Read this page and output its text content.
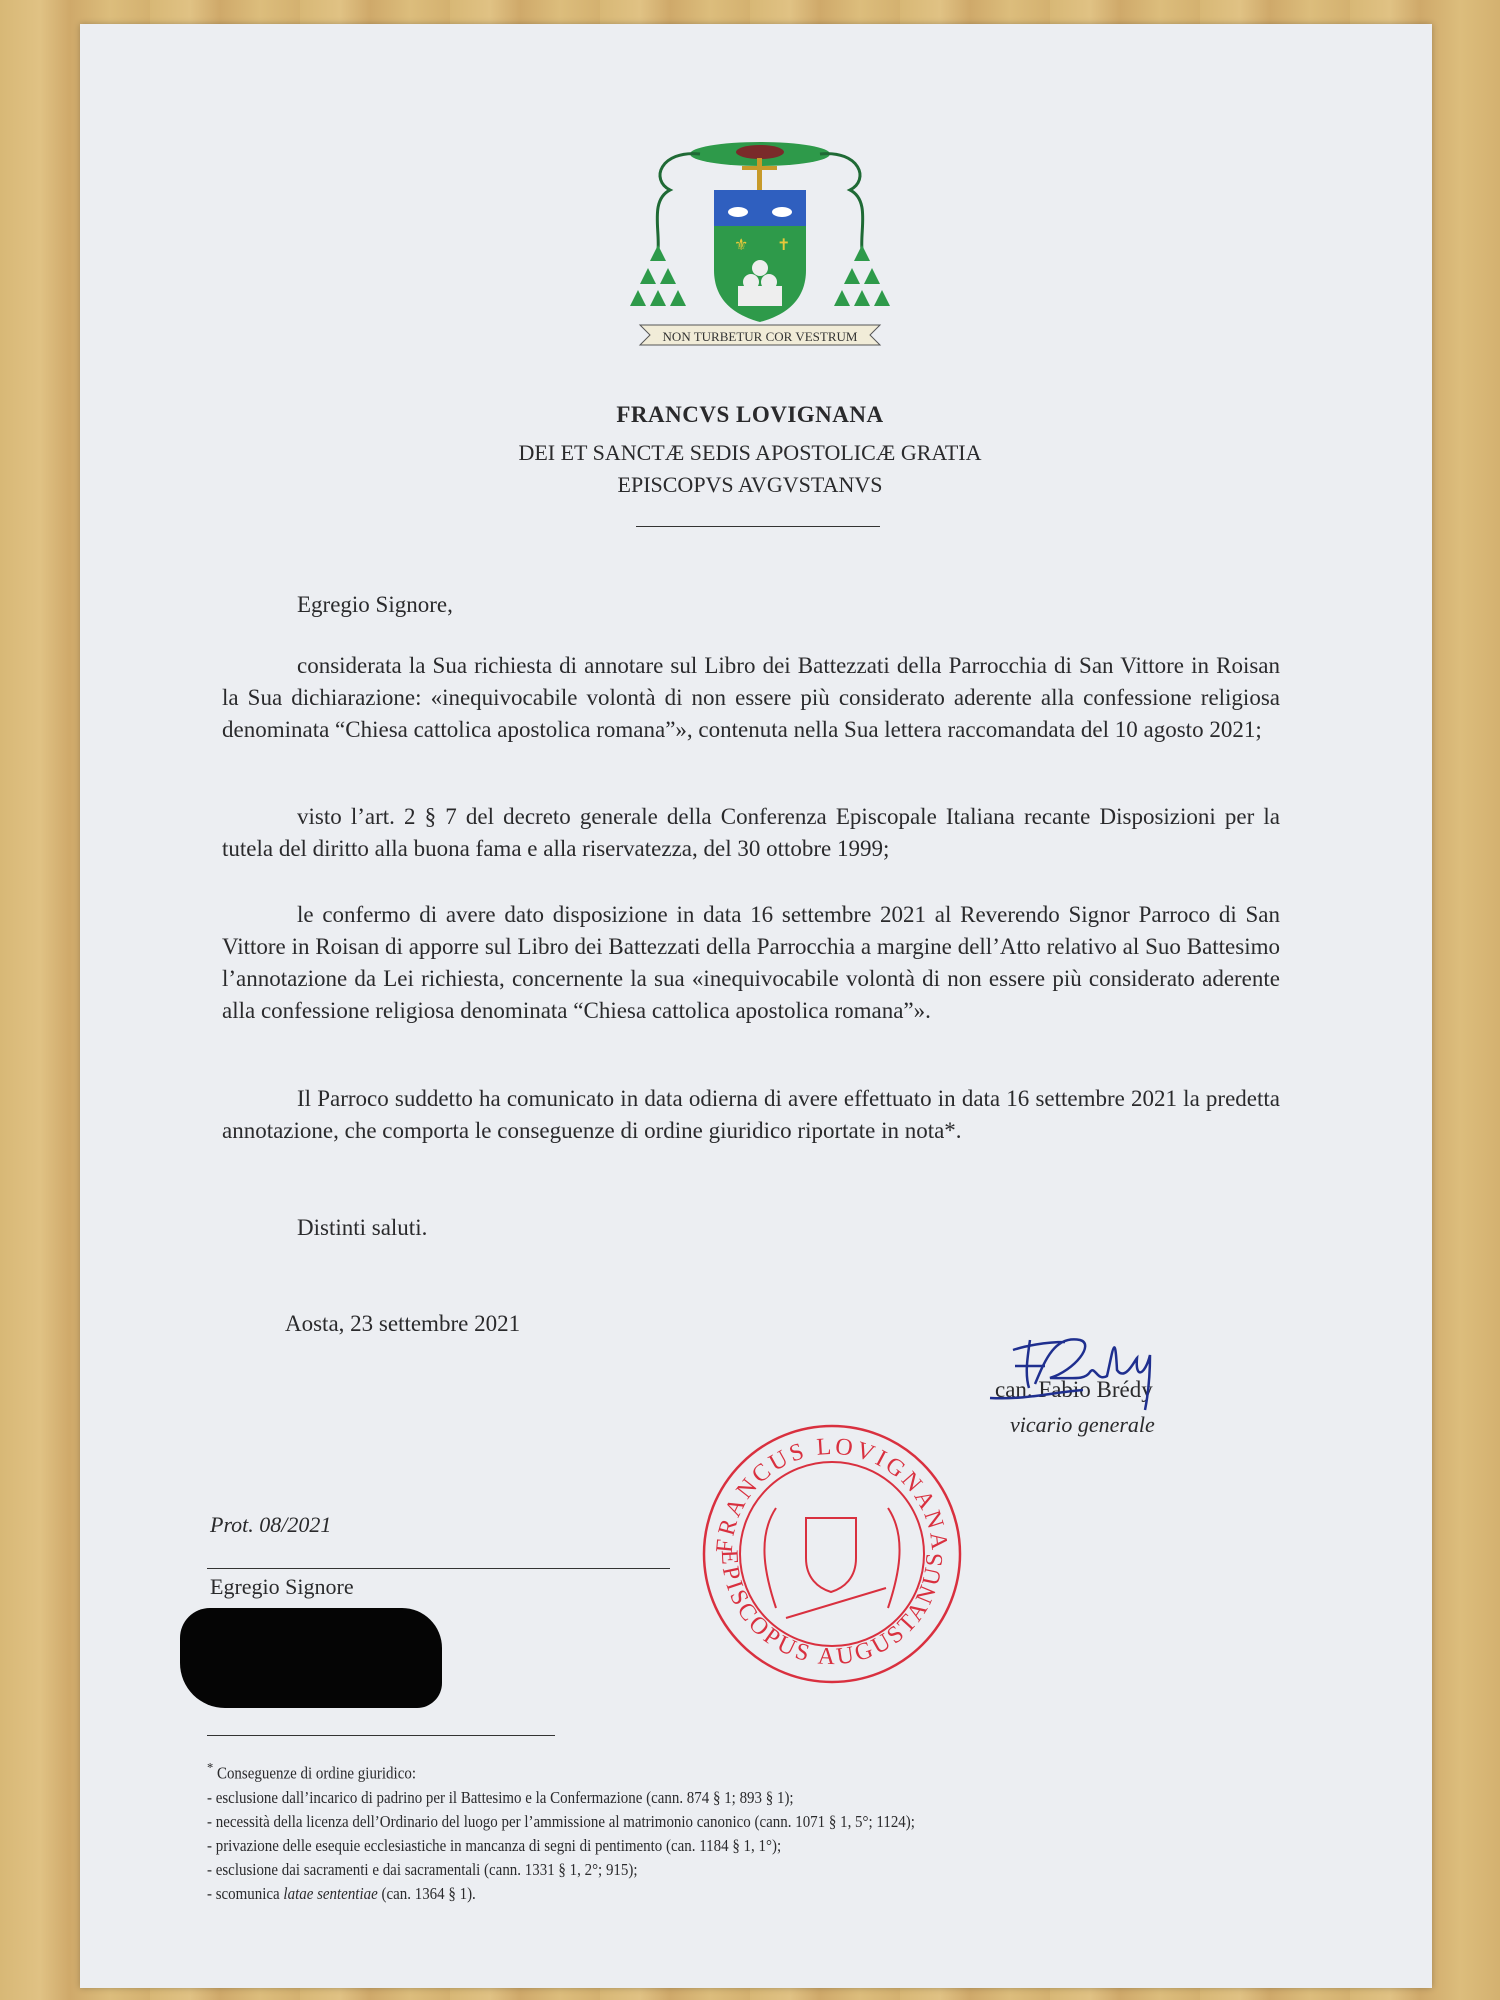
⚜ ✝
NON TURBETUR COR VESTRUM
FRANCVS LOVIGNANA
DEI ET SANCTÆ SEDIS APOSTOLICÆ GRATIA
EPISCOPVS AVGVSTANVS
Egregio Signore,

considerata la Sua richiesta di annotare sul Libro dei Battezzati della Parrocchia di San Vittore in Roisan la Sua dichiarazione: «inequivocabile volontà di non essere più considerato aderente alla confessione religiosa denominata “Chiesa cattolica apostolica romana”», contenuta nella Sua lettera raccomandata del 10 agosto 2021;

visto l’art. 2 § 7 del decreto generale della Conferenza Episcopale Italiana recante Disposizioni per la tutela del diritto alla buona fama e alla riservatezza, del 30 ottobre 1999;

le confermo di avere dato disposizione in data 16 settembre 2021 al Reverendo Signor Parroco di San Vittore in Roisan di apporre sul Libro dei Battezzati della Parrocchia a margine dell’Atto relativo al Suo Battesimo l’annotazione da Lei richiesta, concernente la sua «inequivocabile volontà di non essere più considerato aderente alla confessione religiosa denominata “Chiesa cattolica apostolica romana”».

Il Parroco suddetto ha comunicato in data odierna di avere effettuato in data 16 settembre 2021 la predetta annotazione, che comporta le conseguenze di ordine giuridico riportate in nota*.

Distinti saluti.
Aosta, 23 settembre 2021
can. Fabio Brédy
vicario generale
FRANCUS LOVIGNANA
EPISCOPUS AUGUSTANUS
Prot. 08/2021
Egregio Signore
* Conseguenze di ordine giuridico:
- esclusione dall’incarico di padrino per il Battesimo e la Confermazione (cann. 874 § 1; 893 § 1);
- necessità della licenza dell’Ordinario del luogo per l’ammissione al matrimonio canonico (cann. 1071 § 1, 5°; 1124);
- privazione delle esequie ecclesiastiche in mancanza di segni di pentimento (can. 1184 § 1, 1°);
- esclusione dai sacramenti e dai sacramentali (cann. 1331 § 1, 2°; 915);
- scomunica latae sententiae (can. 1364 § 1).
